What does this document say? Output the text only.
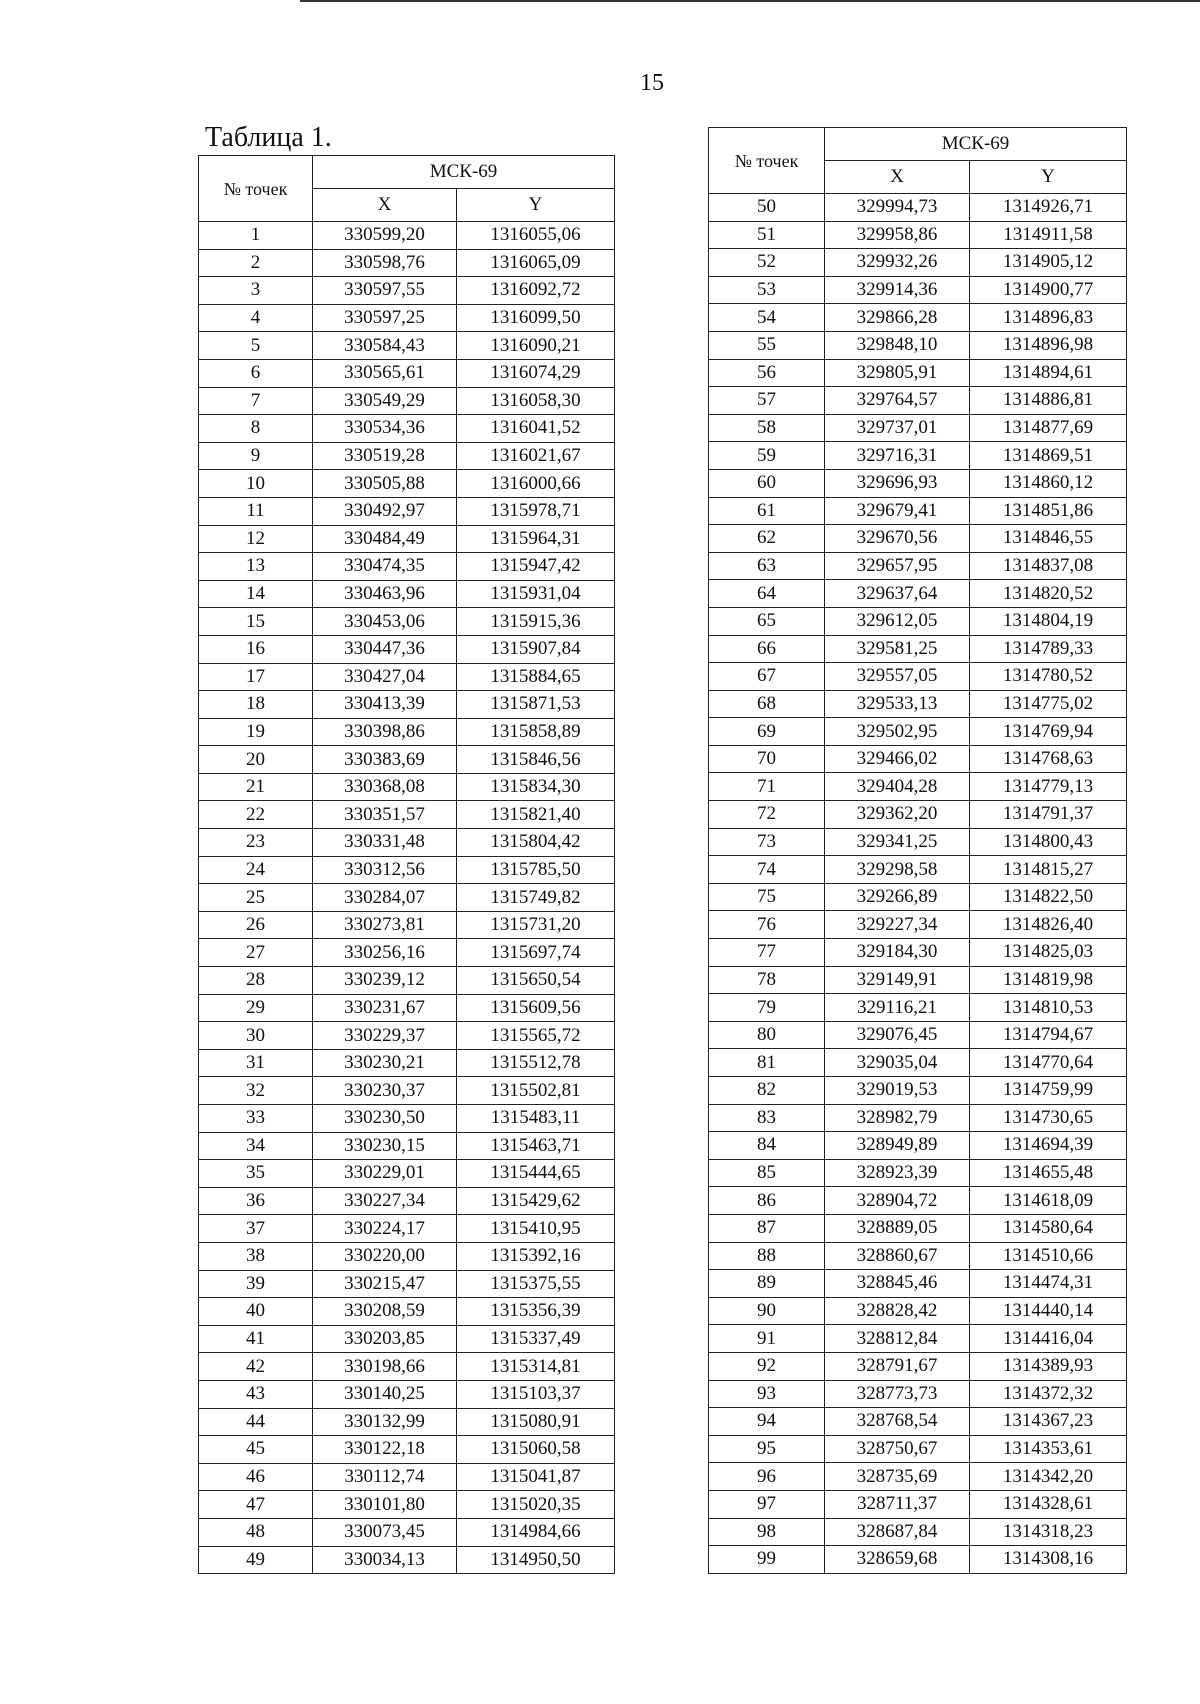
15
Таблица 1.
№ точек	МСК-69	
	X	Y
1	330599,20	1316055,06
2	330598,76	1316065,09
3	330597,55	1316092,72
4	330597,25	1316099,50
5	330584,43	1316090,21
6	330565,61	1316074,29
7	330549,29	1316058,30
8	330534,36	1316041,52
9	330519,28	1316021,67
10	330505,88	1316000,66
11	330492,97	1315978,71
12	330484,49	1315964,31
13	330474,35	1315947,42
14	330463,96	1315931,04
15	330453,06	1315915,36
16	330447,36	1315907,84
17	330427,04	1315884,65
18	330413,39	1315871,53
19	330398,86	1315858,89
20	330383,69	1315846,56
21	330368,08	1315834,30
22	330351,57	1315821,40
23	330331,48	1315804,42
24	330312,56	1315785,50
25	330284,07	1315749,82
26	330273,81	1315731,20
27	330256,16	1315697,74
28	330239,12	1315650,54
29	330231,67	1315609,56
30	330229,37	1315565,72
31	330230,21	1315512,78
32	330230,37	1315502,81
33	330230,50	1315483,11
34	330230,15	1315463,71
35	330229,01	1315444,65
36	330227,34	1315429,62
37	330224,17	1315410,95
38	330220,00	1315392,16
39	330215,47	1315375,55
40	330208,59	1315356,39
41	330203,85	1315337,49
42	330198,66	1315314,81
43	330140,25	1315103,37
44	330132,99	1315080,91
45	330122,18	1315060,58
46	330112,74	1315041,87
47	330101,80	1315020,35
48	330073,45	1314984,66
49	330034,13	1314950,50
№ точек	МСК-69	
	X	Y
50	329994,73	1314926,71
51	329958,86	1314911,58
52	329932,26	1314905,12
53	329914,36	1314900,77
54	329866,28	1314896,83
55	329848,10	1314896,98
56	329805,91	1314894,61
57	329764,57	1314886,81
58	329737,01	1314877,69
59	329716,31	1314869,51
60	329696,93	1314860,12
61	329679,41	1314851,86
62	329670,56	1314846,55
63	329657,95	1314837,08
64	329637,64	1314820,52
65	329612,05	1314804,19
66	329581,25	1314789,33
67	329557,05	1314780,52
68	329533,13	1314775,02
69	329502,95	1314769,94
70	329466,02	1314768,63
71	329404,28	1314779,13
72	329362,20	1314791,37
73	329341,25	1314800,43
74	329298,58	1314815,27
75	329266,89	1314822,50
76	329227,34	1314826,40
77	329184,30	1314825,03
78	329149,91	1314819,98
79	329116,21	1314810,53
80	329076,45	1314794,67
81	329035,04	1314770,64
82	329019,53	1314759,99
83	328982,79	1314730,65
84	328949,89	1314694,39
85	328923,39	1314655,48
86	328904,72	1314618,09
87	328889,05	1314580,64
88	328860,67	1314510,66
89	328845,46	1314474,31
90	328828,42	1314440,14
91	328812,84	1314416,04
92	328791,67	1314389,93
93	328773,73	1314372,32
94	328768,54	1314367,23
95	328750,67	1314353,61
96	328735,69	1314342,20
97	328711,37	1314328,61
98	328687,84	1314318,23
99	328659,68	1314308,16
